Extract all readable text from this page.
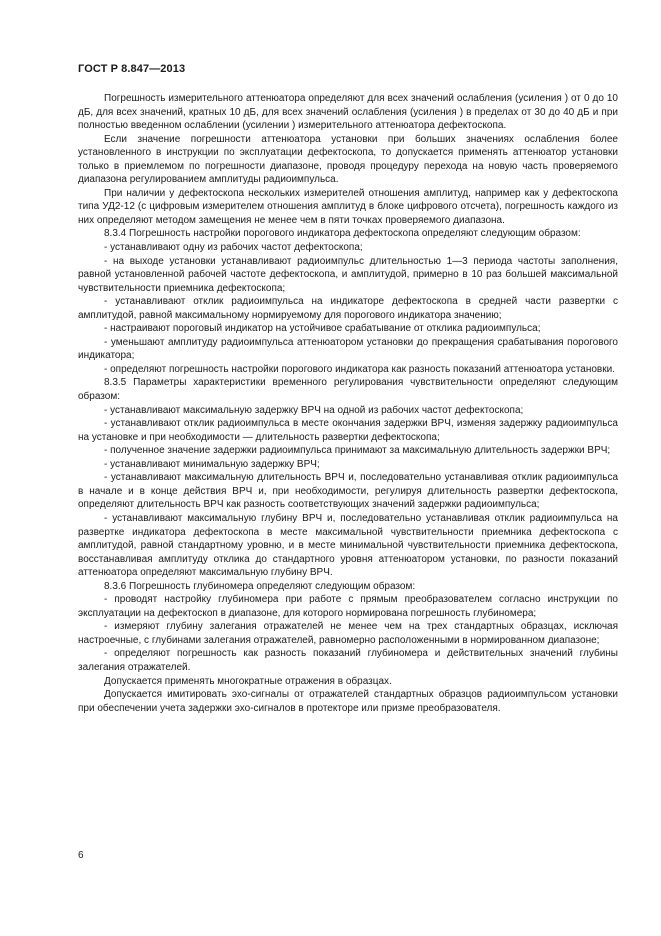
ГОСТ Р 8.847—2013

Погрешность измерительного аттенюатора определяют для всех значений ослабления (усиления ) от 0 до 10 дБ, для всех значений, кратных 10 дБ, для всех значений ослабления (усиления ) в пределах от 30 до 40 дБ и при полностью введенном ослаблении (усилении ) измерительного аттенюатора дефектоскопа.

Если значение погрешности аттенюатора установки при больших значениях ослабления более установленного в инструкции по эксплуатации дефектоскопа, то допускается применять аттенюатор установки только в приемлемом по погрешности диапазоне, проводя процедуру перехода на новую часть проверяемого диапазона регулированием амплитуды радиоимпульса.

При наличии у дефектоскопа нескольких измерителей отношения амплитуд, например как у дефектоскопа типа УД2-12 (с цифровым измерителем отношения амплитуд в блоке цифрового отсчета), погрешность каждого из них определяют методом замещения не менее чем в пяти точках проверяемого диапазона.

8.3.4 Погрешность настройки порогового индикатора дефектоскопа определяют следующим образом:

- устанавливают одну из рабочих частот дефектоскопа;

- на выходе установки устанавливают радиоимпульс длительностью 1—3 периода частоты заполнения, равной установленной рабочей частоте дефектоскопа, и амплитудой, примерно в 10 раз большей максимальной чувствительности приемника дефектоскопа;

- устанавливают отклик радиоимпульса на индикаторе дефектоскопа в средней части развертки с амплитудой, равной максимальному нормируемому для порогового индикатора значению;

- настраивают пороговый индикатор на устойчивое срабатывание от отклика радиоимпульса;

- уменьшают амплитуду радиоимпульса аттенюатором установки до прекращения срабатывания порогового индикатора;

- определяют погрешность настройки порогового индикатора как разность показаний аттенюатора установки.

8.3.5 Параметры характеристики временного регулирования чувствительности определяют следующим образом:

- устанавливают максимальную задержку ВРЧ на одной из рабочих частот дефектоскопа;

- устанавливают отклик радиоимпульса в месте окончания задержки ВРЧ, изменяя задержку радиоимпульса на установке и при необходимости — длительность развертки дефектоскопа;

- полученное значение задержки радиоимпульса принимают за максимальную длительность задержки ВРЧ;

- устанавливают минимальную задержку ВРЧ;

- устанавливают максимальную длительность ВРЧ и, последовательно устанавливая отклик радиоимпульса в начале и в конце действия ВРЧ и, при необходимости, регулируя длительность развертки дефектоскопа, определяют длительность ВРЧ как разность соответствующих значений задержки радиоимпульса;

- устанавливают максимальную глубину ВРЧ и, последовательно устанавливая отклик радиоимпульса на развертке индикатора дефектоскопа в месте максимальной чувствительности приемника дефектоскопа с амплитудой, равной стандартному уровню, и в месте минимальной чувствительности приемника дефектоскопа, восстанавливая амплитуду отклика до стандартного уровня аттенюатором установки, по разности показаний аттенюатора определяют максимальную глубину ВРЧ.

8.3.6 Погрешность глубиномера определяют следующим образом:

- проводят настройку глубиномера при работе с прямым преобразователем согласно инструкции по эксплуатации на дефектоскоп в диапазоне, для которого нормирована погрешность глубиномера;

- измеряют глубину залегания отражателей не менее чем на трех стандартных образцах, исключая настроечные, с глубинами залегания отражателей, равномерно расположенными в нормированном диапазоне;

- определяют погрешность как разность показаний глубиномера и действительных значений глубины залегания отражателей.

Допускается применять многократные отражения в образцах.

Допускается имитировать эхо-сигналы от отражателей стандартных образцов радиоимпульсом установки при обеспечении учета задержки эхо-сигналов в протекторе или призме преобразователя.

6
